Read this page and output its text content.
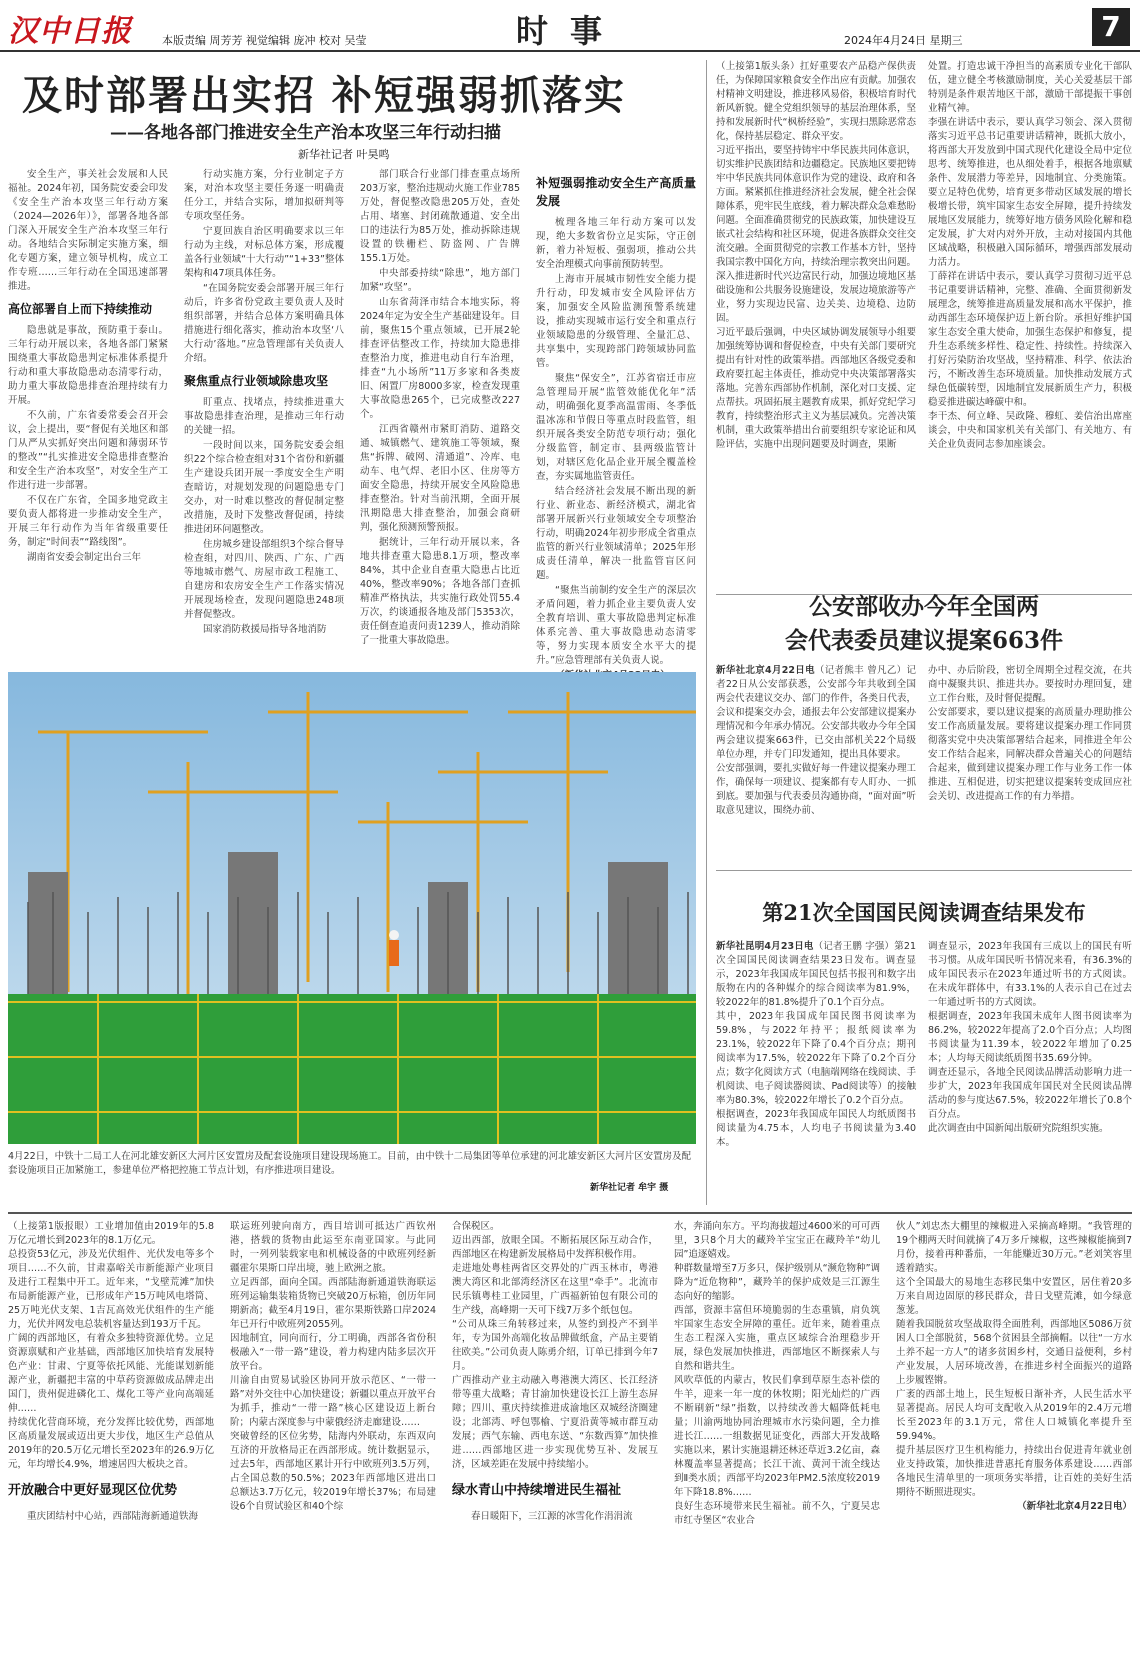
汉中日报	本版责编 周芳芳 视觉编辑 庞冲 校对 吴莹	时事	2024年4月24日 星期三	7
及时部署出实招 补短强弱抓落实
——各地各部门推进安全生产治本攻坚三年行动扫描
新华社记者 叶昊鸣

安全生产，事关社会发展和人民福祉。2024年初，国务院安委会印发《安全生产治本攻坚三年行动方案（2024—2026年）》，部署各地各部门深入开展安全生产治本攻坚三年行动。各地结合实际制定实施方案，细化专题方案，建立领导机构，成立工作专班……三年行动在全国迅速部署推进。

高位部署自上而下持续推动

隐患就是事故，预防重于泰山。三年行动开展以来，各地各部门紧紧围绕重大事故隐患判定标准体系提升行动和重大事故隐患动态清零行动，助力重大事故隐患排查治理持续有力开展。

不久前，广东省委常委会召开会议，会上提出，要“督促有关地区和部门从严从实抓好突出问题和薄弱环节的整改”“扎实推进安全隐患排查整治和安全生产治本攻坚”，对安全生产工作进行进一步部署。

不仅在广东省，全国多地党政主要负责人都将进一步推动安全生产，开展三年行动作为当年省级重要任务，制定“时间表”“路线图”。

湖南省安委会制定出台三年

行动实施方案，分行业制定子方案，对治本攻坚主要任务逐一明确责任分工，并结合实际，增加拟研判等专项攻坚任务。

宁夏回族自治区明确要求以三年行动为主线，对标总体方案，形成覆盖各行业领域“十大行动”“1+33”整体架构和47项具体任务。

“在国务院安委会部署开展三年行动后，许多省份党政主要负责人及时组织部署，并结合总体方案明确具体措施进行细化落实，推动治本攻坚‘八大行动’落地。”应急管理部有关负责人介绍。

聚焦重点行业领域除患攻坚

盯重点、找堵点，持续推进重大事故隐患排查治理，是推动三年行动的关键一招。

一段时间以来，国务院安委会组织22个综合检查组对31个省份和新疆生产建设兵团开展一季度安全生产明查暗访，对规划发现的问题隐患专门交办，对一时难以整改的督促制定整改措施，及时下发整改督促函，持续推进闭环问题整改。

住房城乡建设部组织3个综合督导检查组，对四川、陕西、广东、广西等地城市燃气、房屋市政工程施工、自建房和农房安全生产工作落实情况开展现场检查，发现问题隐患248项并督促整改。

国家消防救援局指导各地消防

部门联合行业部门排查重点场所203万家，整治违规动火施工作业785万处，督促整改隐患205万处，查处占用、堵塞、封闭疏散通道、安全出口的违法行为85万处，推动拆除违规设置的铁栅栏、防盗网、广告牌155.1万处。

中央部委持续“除患”，地方部门加紧“攻坚”。

山东省菏泽市结合本地实际，将2024年定为安全生产基础建设年。目前，聚焦15个重点领域，已开展2轮排查评估整改工作，持续加大隐患排查整治力度，推进电动自行车治理，排查“九小场所”11万多家和各类废旧、闲置厂房8000多家，检查发现重大事故隐患265个，已完成整改227个。

江西省赣州市紧盯消防、道路交通、城镇燃气、建筑施工等领域，聚焦“拆牌、破网、清通道”、冷库、电动车、电气焊、老旧小区、住房等方面安全隐患，持续开展安全风险隐患排查整治。针对当前汛期，全面开展汛期隐患大排查整治，加强会商研判，强化预测预警预报。

据统计，三年行动开展以来，各地共排查重大隐患8.1万项，整改率84%，其中企业自查重大隐患占比近40%，整改率90%；各地各部门查抓精准严格执法，共实施行政处罚55.4万次，约谈通报各地及部门5353次，责任倒查追责问责1239人，推动消除了一批重大事故隐患。

补短强弱推动安全生产高质量发展

梳理各地三年行动方案可以发现，绝大多数省份立足实际，守正创新，着力补短板、强弱项，推动公共安全治理模式向事前预防转型。

上海市开展城市韧性安全能力提升行动，印发城市安全风险评估方案，加强安全风险监测预警系统建设，推动实现城市运行安全和重点行业领域隐患的分级管理、全量汇总、共享集中，实现跨部门跨领域协同监管。

聚焦“保安全”，江苏省宿迁市应急管理局开展“监管效能优化年”活动，明确强化夏季高温雷雨、冬季低温冰冻和节假日等重点时段监管，组织开展各类安全防范专项行动；强化分级监管，制定市、县两级监管计划，对辖区危化品企业开展全覆盖检查，夯实属地监管责任。

结合经济社会发展不断出现的新行业、新业态、新经济模式，湖北省部署开展新兴行业领域安全专项整治行动，明确2024年初步形成全省重点监管的新兴行业领域清单；2025年形成责任清单，解决一批监管盲区问题。

“聚焦当前制约安全生产的深层次矛盾问题，着力抓企业主要负责人安全教育培训、重大事故隐患判定标准体系完善、重大事故隐患动态清零等，努力实现本质安全水平大的提升。”应急管理部有关负责人说。

（上接第1版头条）扛好重要农产品稳产保供责任，为保障国家粮食安全作出应有贡献。加强农村精神文明建设，推进移风易俗，积极培育时代新风新貌。健全党组织领导的基层治理体系，坚持和发展新时代“枫桥经验”，实现扫黑除恶常态化，保持基层稳定、群众平安。
习近平指出，要坚持铸牢中华民族共同体意识，切实维护民族团结和边疆稳定。民族地区要把铸牢中华民族共同体意识作为党的建设、政府和各方面。紧紧抓住推进经济社会发展，健全社会保障体系，兜牢民生底线，着力解决群众急难愁盼问题。全面准确贯彻党的民族政策，加快建设互嵌式社会结构和社区环境，促进各族群众交往交流交融。全面贯彻党的宗教工作基本方针，坚持我国宗教中国化方向，持续治理宗教突出问题。深入推进新时代兴边富民行动，加强边境地区基础设施和公共服务设施建设，发展边境旅游等产业，努力实现边民富、边关美、边境稳、边防固。
习近平最后强调，中央区域协调发展领导小组要加强统筹协调和督促检查，中央有关部门要研究提出有针对性的政策举措。西部地区各级党委和政府要扛起主体责任，推动党中央决策部署落实落地。完善东西部协作机制，深化对口支援、定点帮扶。巩固拓展主题教育成果，抓好党纪学习教育，持续整治形式主义为基层减负。完善决策机制，重大政策举措出台前要组织专家论证和风险评估，实施中出现问题要及时调查，果断
处置。打造忠诚干净担当的高素质专业化干部队伍，建立健全考核激励制度，关心关爱基层干部特别是条件艰苦地区干部，激励干部提振干事创业精气神。
李强在讲话中表示，要认真学习领会、深入贯彻落实习近平总书记重要讲话精神，既抓大放小，将西部大开发放到中国式现代化建设全局中定位思考、统筹推进，也从细处着手，根据各地禀赋条件、发展潜力等差异，因地制宜、分类施策。要立足特色优势，培育更多带动区域发展的增长极增长带，筑牢国家生态安全屏障，提升持续发展地区发展能力，统筹好地方债务风险化解和稳定发展，扩大对内对外开放，主动对接国内其他区域战略，积极融入国际循环，增强西部发展动力活力。
丁薛祥在讲话中表示，要认真学习贯彻习近平总书记重要讲话精神，完整、准确、全面贯彻新发展理念，统筹推进高质量发展和高水平保护，推动西部生态环境保护迈上新台阶。承担好维护国家生态安全重大使命，加强生态保护和修复，提升生态系统多样性、稳定性、持续性。持续深入打好污染防治攻坚战，坚持精准、科学、依法治污，不断改善生态环境质量。加快推动发展方式绿色低碳转型，因地制宜发展新质生产力，积极稳妥推进碳达峰碳中和。
李干杰、何立峰、吴政隆、穆虹、姜信治出席座谈会，中央和国家机关有关部门、有关地方、有关企业负责同志参加座谈会。
公安部收办今年全国两
会代表委员建议提案663件
新华社北京4月22日电（记者熊丰 曾凡乙）记者22日从公安部获悉，公安部今年共收到全国两会代表建议交办、部门的作件，各类日代表，会议和提案交办会，通报去年公安部建议提案办理情况和今年承办情况。公安部共收办今年全国两会建议提案663件，已交由部机关22个局级单位办理，并专门印发通知，提出具体要求。
公安部强调，要扎实做好每一件建议提案办理工作，确保每一项建议、提案都有专人盯办、一抓到底。要加强与代表委员沟通协商，“面对面”听取意见建议，围绕办前、
办中、办后阶段，密切全周期全过程交流，在共商中凝聚共识、推进共办。要按时办理回复，建立工作台账，及时督促提醒。
公安部要求，要以建议提案的高质量办理助推公安工作高质量发展。要将建议提案办理工作同贯彻落实党中央决策部署结合起来，同推进全年公安工作结合起来，同解决群众普遍关心的问题结合起来，做到建议提案办理工作与业务工作一体推进、互相促进，切实把建议提案转变成回应社会关切、改进提高工作的有力举措。
第21次全国国民阅读调查结果发布
新华社昆明4月23日电（记者王鹏 字强）第21次全国国民阅读调查结果23日发布。调查显示，2023年我国成年国民包括书报刊和数字出版物在内的各种媒介的综合阅读率为81.9%，较2022年的81.8%提升了0.1个百分点。
其中，2023年我国成年国民图书阅读率为59.8%，与2022年持平；报纸阅读率为23.1%，较2022年下降了0.4个百分点；期刊阅读率为17.5%，较2022年下降了0.2个百分点；数字化阅读方式（电脑端网络在线阅读、手机阅读、电子阅读器阅读、Pad阅读等）的接触率为80.3%，较2022年增长了0.2个百分点。
根据调查，2023年我国成年国民人均纸质图书阅读量为4.75本，人均电子书阅读量为3.40本。
调查显示，2023年我国有三成以上的国民有听书习惯。从成年国民听书情况来看，有36.3%的成年国民表示在2023年通过听书的方式阅读。在未成年群体中，有33.1%的人表示自己在过去一年通过听书的方式阅读。
根据调查，2023年我国未成年人图书阅读率为86.2%，较2022年提高了2.0个百分点；人均图书阅读量为11.39本，较2022年增加了0.25本；人均每天阅读纸质图书35.69分钟。
调查还显示，各地全民阅读品牌活动影响力进一步扩大，2023年我国成年国民对全民阅读品牌活动的参与度达67.5%，较2022年增长了0.8个百分点。
此次调查由中国新闻出版研究院组织实施。
4月22日，中铁十二局工人在河北雄安新区大河片区安置房及配套设施项目建设现场施工。目前，由中铁十二局集团等单位承建的河北雄安新区大河片区安置房及配套设施项目正加紧施工，参建单位严格把控施工节点计划，有序推进项目建设。
新华社记者 牟宇 摄
（上接第1版报眼）工业增加值由2019年的5.8万亿元增长到2023年的8.1万亿元。
总投资53亿元，涉及光伏组件、光伏发电等多个项目……不久前，甘肃嘉峪关市新能源产业项目及进行工程集中开工。近年来，“戈壁荒滩”加快布局新能源产业，已形成年产15万吨风电塔筒、25万吨光伏支架、1吉瓦高效光伏组件的生产能力，光伏并网发电总装机容量达到193万千瓦。
广阔的西部地区，有着众多独特资源优势。立足资源禀赋和产业基础，西部地区加快培育发展特色产业：甘肃、宁夏等依托风能、光能谋划新能源产业，新疆把丰富的中草药资源做成品牌走出国门，贵州促进磷化工、煤化工等产业向高端延伸……
持续优化营商环境，充分发挥比较优势，西部地区高质量发展或迈出更大步伐，地区生产总值从2019年的20.5万亿元增长至2023年的26.9万亿元，年均增长4.9%，增速居四大板块之首。
开放融合中更好显现区位优势

重庆团结村中心站，西部陆海新通道铁海

联运班列驶向南方，西目培训可抵达广西钦州港，搭载的货物由此运至东南亚国家。与此同时，一列列装载家电和机械设备的中欧班列经新疆霍尔果斯口岸出境，驰上欧洲之旅。
立足西部，面向全国。西部陆海新通道铁海联运班列运输集装箱货物已突破20万标箱，创历年同期新高；截至4月19日，霍尔果斯铁路口岸2024年已开行中欧班列2055列。
因地制宜，同向而行，分工明确，西部各省份积极融入“一带一路”建设，着力构建内陆多层次开放平台。
川渝自由贸易试验区协同开放示范区、“一带一路”对外交往中心加快建设；新疆以重点开放平台为抓手，推动“一带一路”核心区建设迈上新台阶；内蒙古深度参与中蒙俄经济走廊建设……
突破曾经的区位劣势，陆海内外联动，东西双向互济的开放格局正在西部形成。统计数据显示，过去5年，西部地区累计开行中欧班列3.5万列，占全国总数的50.5%；2023年西部地区进出口总额达3.7万亿元，较2019年增长37%；布局建设6个自贸试验区和40个综
合保税区。
迈出西部，放眼全国。不断拓展区际互动合作，西部地区在构建新发展格局中发挥积极作用。
走进地处粤桂两省区交界处的广西玉林市，粤港澳大湾区和北部湾经济区在这里“牵手”。北流市民乐镇粤桂工业园里，广西福新铂包有限公司的生产线，高峰期一天可下线7万多个纸包包。
“公司从珠三角转移过来，从签约到投产不到半年，专为国外高端化妆品牌做纸盒，产品主要销往欧美。”公司负责人陈勇介绍，订单已排到今年7月。
广西推动产业主动融入粤港澳大湾区、长江经济带等重大战略；青甘渝加快建设长江上游生态屏障；四川、重庆持续推进成渝地区双城经济圈建设；北部湾、呼包鄂榆、宁夏沿黄等城市群互动发展；西气东输、西电东送、“东数西算”加快推进……西部地区进一步实现优势互补、发展互济，区域差距在发展中持续缩小。
绿水青山中持续增进民生福祉

春日暖阳下，三江源的冰雪化作涓涓流

水，奔涌向东方。平均海拔超过4600米的可可西里，3只8个月大的藏羚羊宝宝正在藏羚羊“幼儿园”追逐嬉戏。
种群数量增至7万多只，保护级别从“濒危物种”调降为“近危物种”，藏羚羊的保护成效是三江源生态向好的缩影。
西部，资源丰富但环境脆弱的生态重镇，肩负筑牢国家生态安全屏障的重任。近年来，随着重点生态工程深入实施，重点区域综合治理稳步开展，绿色发展加快推进，西部地区不断探索人与自然和谐共生。
风吹草低的内蒙古，牧民们拿到草原生态补偿的牛羊，迎来一年一度的休牧期；阳光灿烂的广西不断刷新“绿”指数，以持续改善大幅降低耗电量；川渝两地协同治理城市水污染问题，全力推进长江……一组数据见证变化，西部大开发战略实施以来，累计实施退耕还林还草近3.2亿亩，森林覆盖率显著提高；长江干流、黄河干流全线达到Ⅱ类水质；西部平均2023年PM2.5浓度较2019年下降18.8%……
良好生态环境带来民生福祉。前不久，宁夏吴忠市红寺堡区“农业合
伙人”刘忠杰大棚里的辣椒进入采摘高峰期。“我管理的19个棚两天时间就摘了4万多斤辣椒，这些辣椒能摘到7月份，接着再种番茄，一年能赚近30万元。”老刘笑容里透着踏实。
这个全国最大的易地生态移民集中安置区，居住着20多万来自周边固原的移民群众，昔日戈壁荒滩，如今绿意葱茏。
随着我国脱贫攻坚战取得全面胜利，西部地区5086万贫困人口全部脱贫，568个贫困县全部摘帽。以往“一方水土养不起一方人”的诸多贫困乡村，交通日益便利，乡村产业发展，人居环境改善，在推进乡村全面振兴的道路上步履铿锵。
广袤的西部土地上，民生短板日渐补齐，人民生活水平显著提高。居民人均可支配收入从2019年的2.4万元增长至2023年的3.1万元，常住人口城镇化率提升至59.94%。
提升基层医疗卫生机构能力，持续出台促进青年就业创业支持政策，加快推进普惠托育服务体系建设……西部各地民生清单里的一项项务实举措，让百姓的美好生活期待不断照进现实。

（新华社北京4月22日电）
